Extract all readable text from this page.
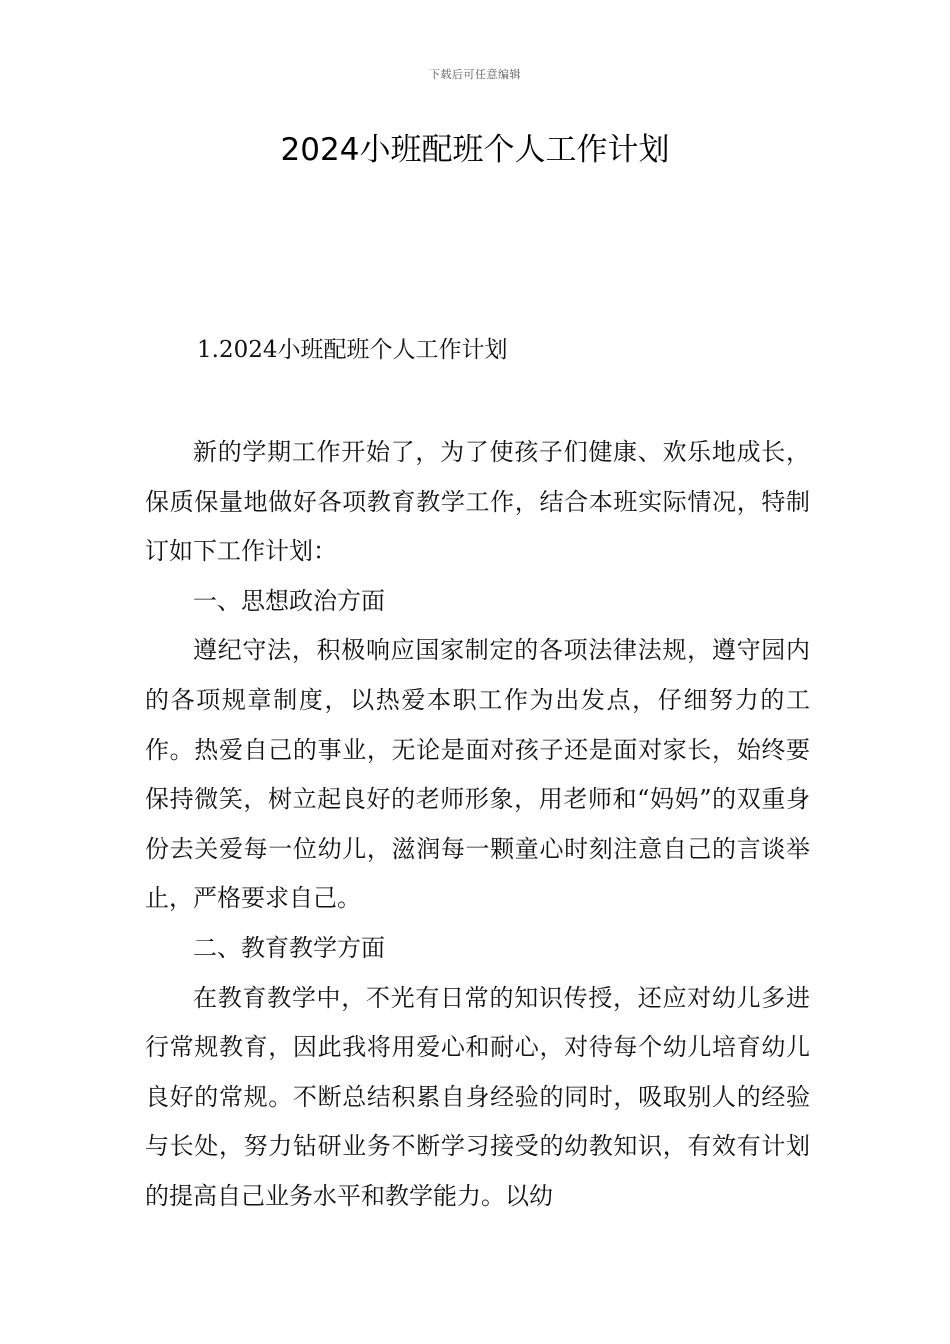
下载后可任意编辑
2024小班配班个人工作计划
1.2024小班配班个人工作计划

新的学期工作开始了，为了使孩子们健康、欢乐地成长，保质保量地做好各项教育教学工作，结合本班实际情况，特制订如下工作计划：

一、思想政治方面

遵纪守法，积极响应国家制定的各项法律法规，遵守园内的各项规章制度，以热爱本职工作为出发点，仔细努力的工作。热爱自己的事业，无论是面对孩子还是面对家长，始终要保持微笑，树立起良好的老师形象，用老师和“妈妈”的双重身份去关爱每一位幼儿，滋润每一颗童心时刻注意自己的言谈举止，严格要求自己。

二、教育教学方面

在教育教学中，不光有日常的知识传授，还应对幼儿多进行常规教育，因此我将用爱心和耐心，对待每个幼儿培育幼儿良好的常规。不断总结积累自身经验的同时，吸取别人的经验与长处，努力钻研业务不断学习接受的幼教知识，有效有计划的提高自己业务水平和教学能力。以幼
